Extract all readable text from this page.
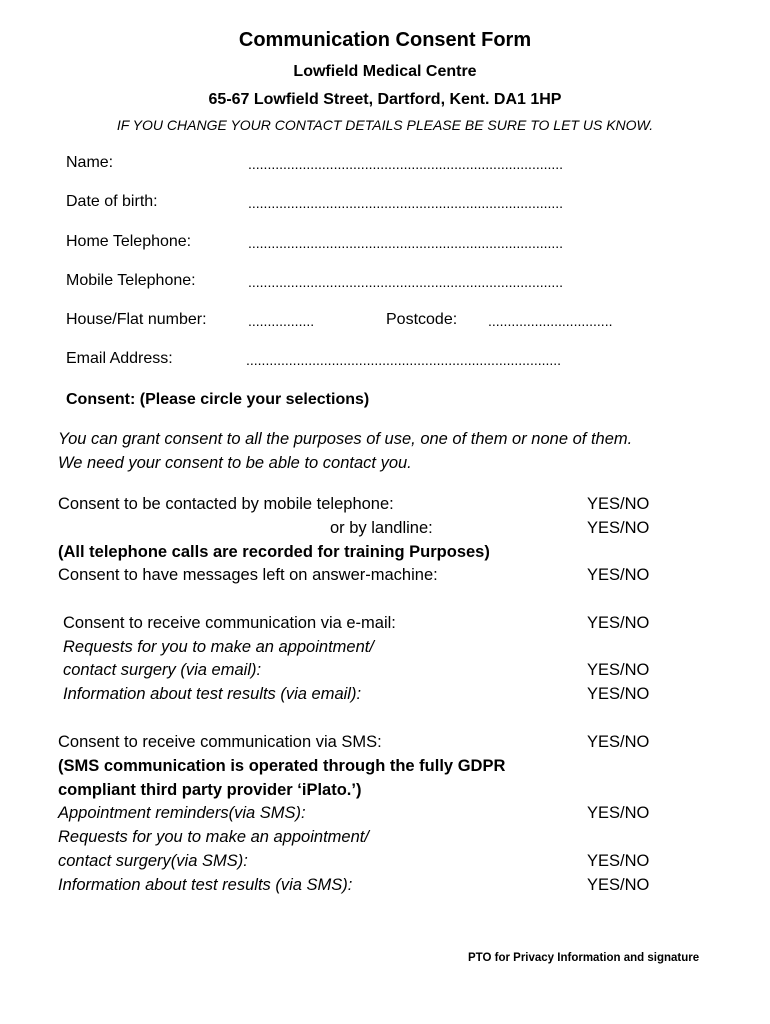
Communication Consent Form
Lowfield Medical Centre
65-67 Lowfield Street, Dartford, Kent. DA1 1HP
IF YOU CHANGE YOUR CONTACT DETAILS PLEASE BE SURE TO LET US KNOW.
Name:	.................................................................................
Date of birth:	.................................................................................
Home Telephone:	.................................................................................
Mobile Telephone:	.................................................................................
House/Flat number:	.................	Postcode: ................................
Email Address:	.................................................................................
Consent: (Please circle your selections)
You can grant consent to all the purposes of use, one of them or none of them.
We need your consent to be able to contact you.
Consent to be contacted by mobile telephone:	YES/NO
or by landline:	YES/NO
(All telephone calls are recorded for training Purposes)
Consent to have messages left on answer-machine:	YES/NO
Consent to receive communication via e-mail:	YES/NO
Requests for you to make an appointment/
contact surgery (via email):	YES/NO
Information about test results (via email):	YES/NO
Consent to receive communication via SMS:	YES/NO
(SMS communication is operated through the fully GDPR
compliant third party provider ‘iPlato.’)
Appointment reminders(via SMS):	YES/NO
Requests for you to make an appointment/
contact surgery(via SMS):	YES/NO
Information about test results (via SMS):	YES/NO
PTO for Privacy Information and signature
